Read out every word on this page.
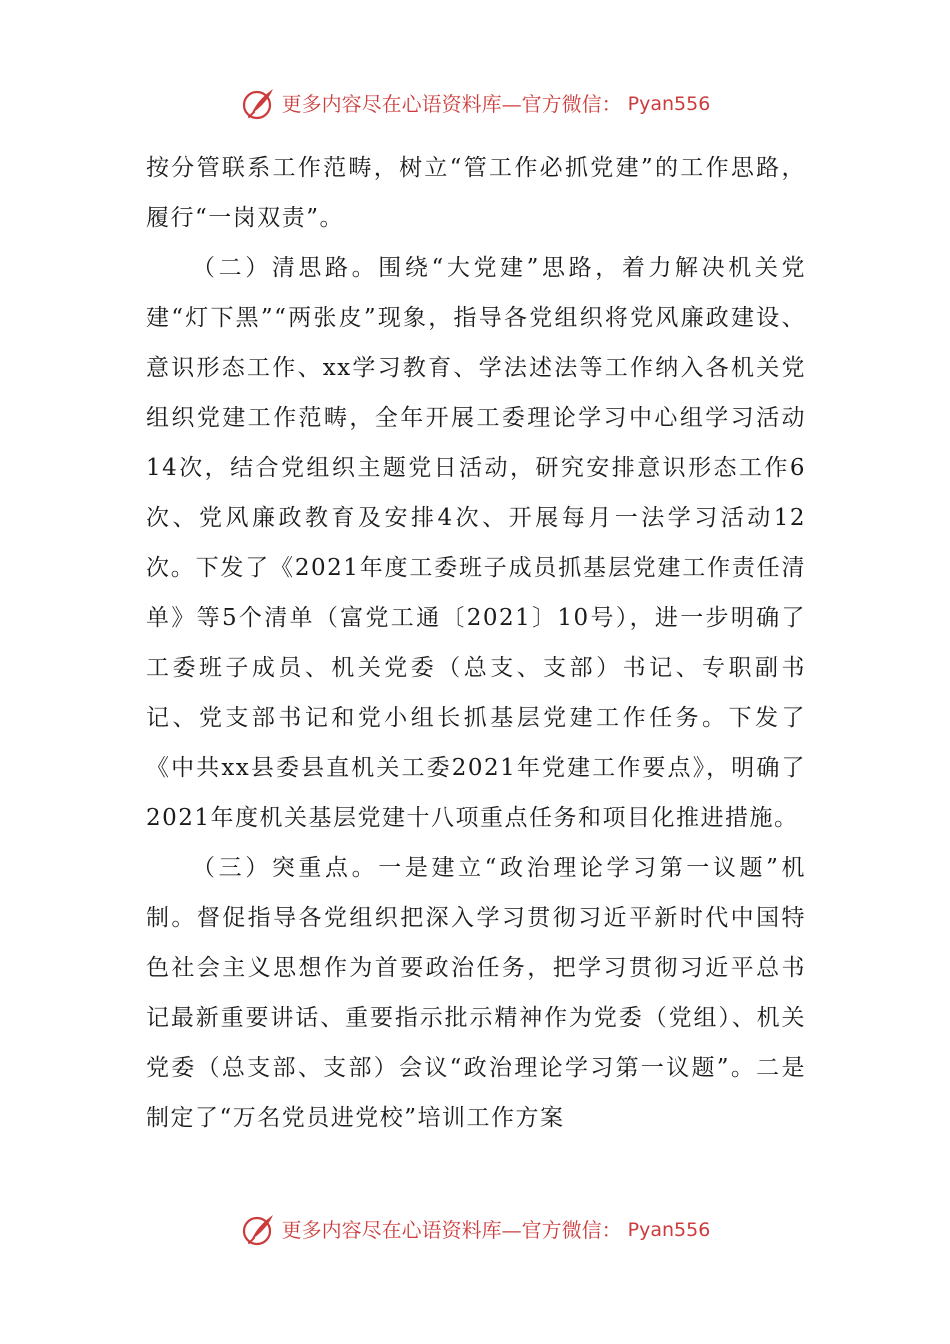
更多内容尽在心语资料库—官方微信： Pyan556

按分管联系工作范畴，树立“管工作必抓党建”的工作思路，履行“一岗双责”。

（二）清思路。围绕“大党建”思路，着力解决机关党建“灯下黑”“两张皮”现象，指导各党组织将党风廉政建设、意识形态工作、xx学习教育、学法述法等工作纳入各机关党组织党建工作范畴，全年开展工委理论学习中心组学习活动14次，结合党组织主题党日活动，研究安排意识形态工作6次、党风廉政教育及安排4次、开展每月一法学习活动12次。下发了《2021年度工委班子成员抓基层党建工作责任清单》等5个清单（富党工通〔2021〕10号），进一步明确了工委班子成员、机关党委（总支、支部）书记、专职副书记、党支部书记和党小组长抓基层党建工作任务。下发了《中共xx县委县直机关工委2021年党建工作要点》，明确了2021年度机关基层党建十八项重点任务和项目化推进措施。

（三）突重点。一是建立“政治理论学习第一议题”机制。督促指导各党组织把深入学习贯彻习近平新时代中国特色社会主义思想作为首要政治任务，把学习贯彻习近平总书记最新重要讲话、重要指示批示精神作为党委（党组）、机关党委（总支部、支部）会议“政治理论学习第一议题”。二是制定了“万名党员进党校”培训工作方案

更多内容尽在心语资料库—官方微信： Pyan556
